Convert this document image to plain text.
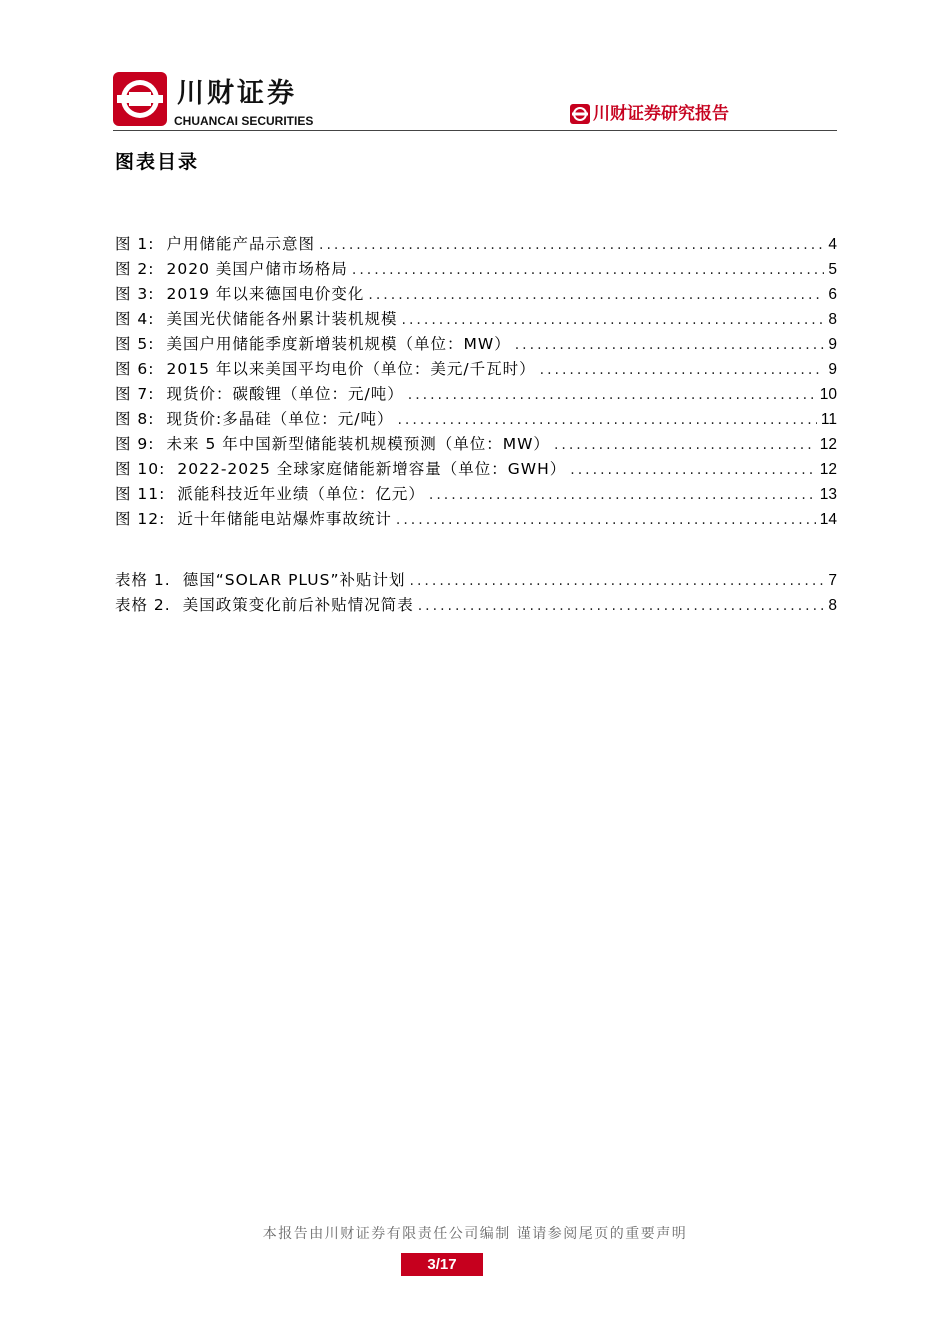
川财证券
CHUANCAI SECURITIES	川财证券研究报告
图表目录
图 1: 户用储能产品示意图 .....	4
图 2: 2020 美国户储市场格局 .....	5
图 3: 2019 年以来德国电价变化 .....	6
图 4: 美国光伏储能各州累计装机规模 .....	8
图 5: 美国户用储能季度新增装机规模（单位：MW） .....	9
图 6: 2015 年以来美国平均电价（单位：美元/千瓦时） .....	9
图 7: 现货价：碳酸锂（单位：元/吨） .....	10
图 8: 现货价:多晶硅（单位：元/吨） .....	11
图 9: 未来 5 年中国新型储能装机规模预测（单位：MW） .....	12
图 10: 2022-2025 全球家庭储能新增容量（单位：GWH） .....	12
图 11: 派能科技近年业绩（单位：亿元） .....	13
图 12: 近十年储能电站爆炸事故统计 .....	14
表格 1. 德国“SOLAR PLUS”补贴计划 .....	7
表格 2. 美国政策变化前后补贴情况简表 .....	8
本报告由川财证券有限责任公司编制 谨请参阅尾页的重要声明
3/17
